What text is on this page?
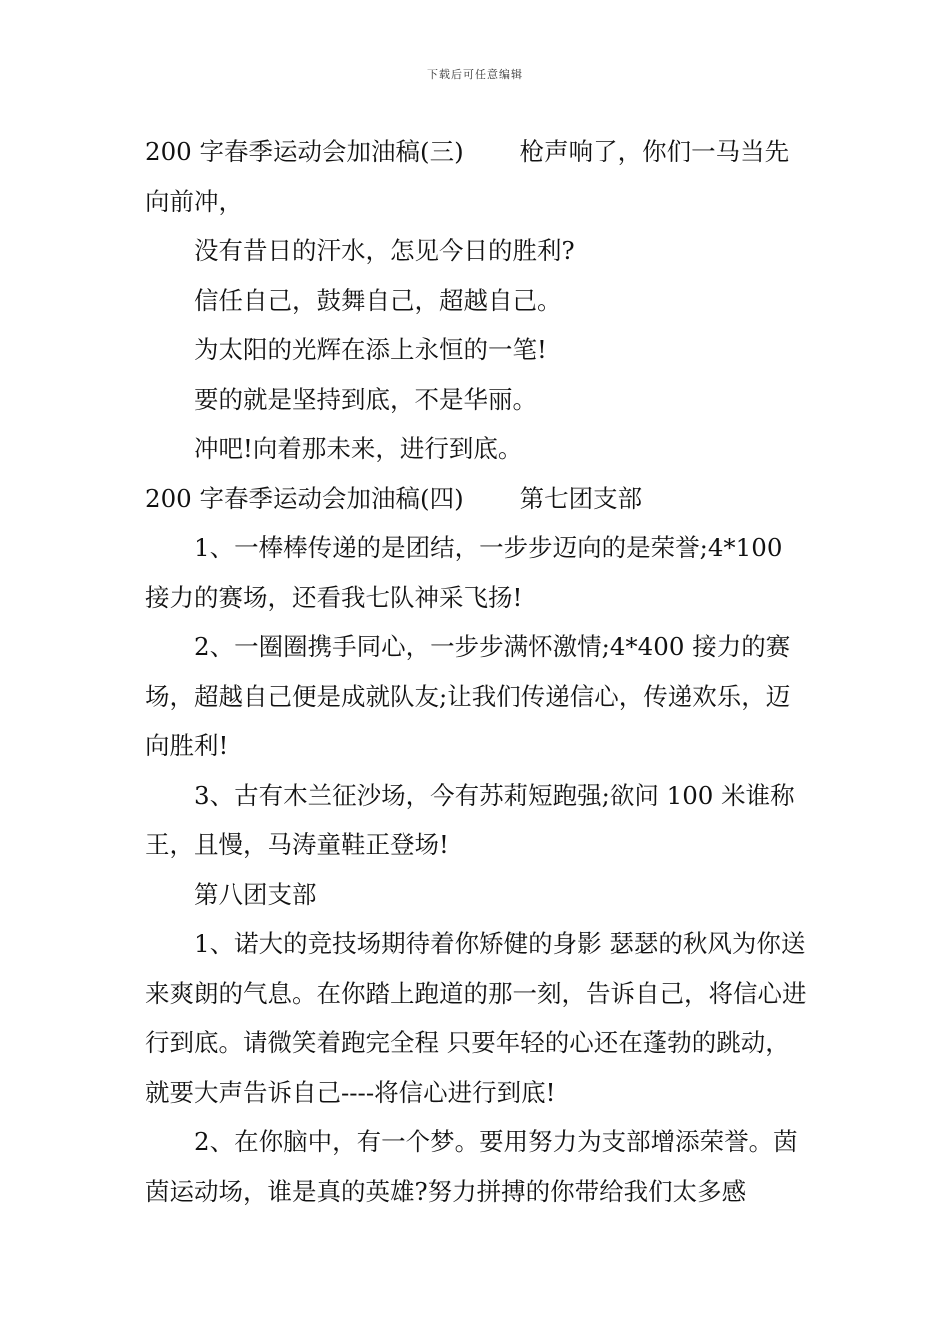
下载后可任意编辑

200 字春季运动会加油稿(三) 枪声响了，你们一马当先向前冲，

没有昔日的汗水，怎见今日的胜利?

信任自己，鼓舞自己，超越自己。

为太阳的光辉在添上永恒的一笔!

要的就是坚持到底，不是华丽。

冲吧!向着那未来，进行到底。

200 字春季运动会加油稿(四) 第七团支部

1、一棒棒传递的是团结，一步步迈向的是荣誉;4*100 接力的赛场，还看我七队神采飞扬!

2、一圈圈携手同心，一步步满怀激情;4*400 接力的赛场，超越自己便是成就队友;让我们传递信心，传递欢乐，迈向胜利!

3、古有木兰征沙场，今有苏莉短跑强;欲问 100 米谁称王，且慢，马涛童鞋正登场!

第八团支部

1、诺大的竞技场期待着你矫健的身影 瑟瑟的秋风为你送来爽朗的气息。在你踏上跑道的那一刻，告诉自己，将信心进行到底。请微笑着跑完全程 只要年轻的心还在蓬勃的跳动，就要大声告诉自己----将信心进行到底!

2、在你脑中，有一个梦。要用努力为支部增添荣誉。茵茵运动场，谁是真的英雄?努力拼搏的你带给我们太多感
